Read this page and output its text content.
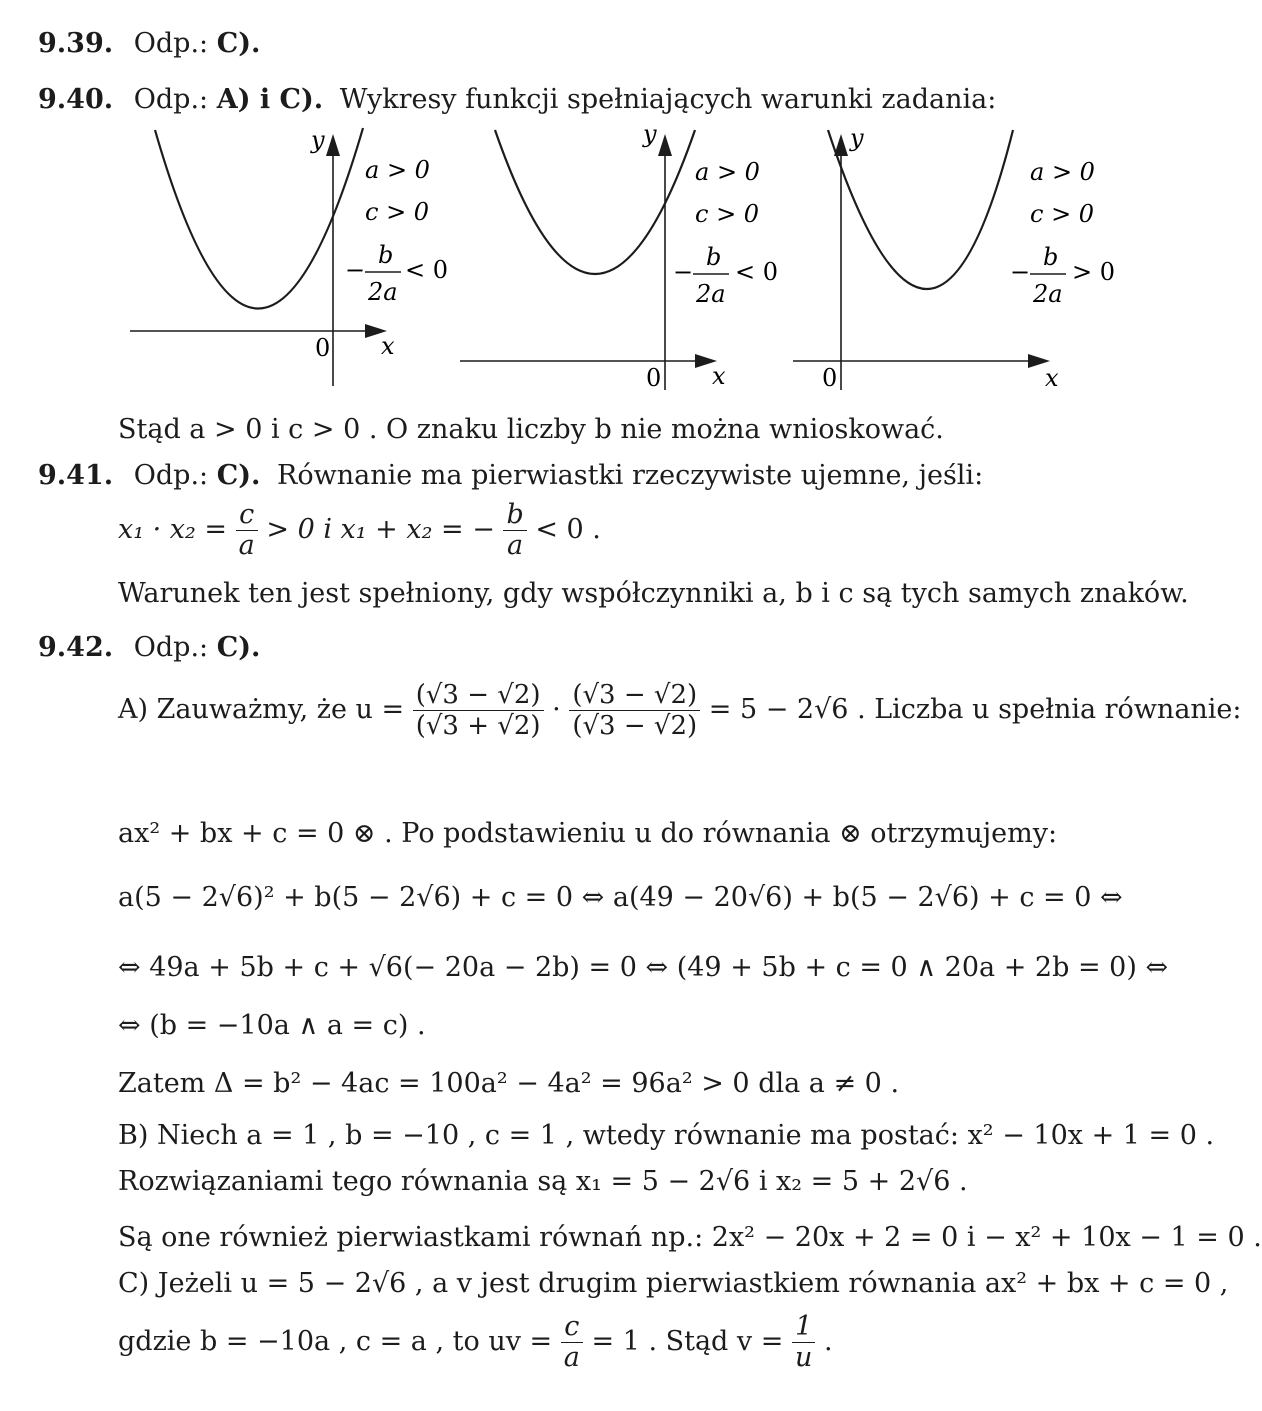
9.39. Odp.: C).
9.40. Odp.: A) i C). Wykresy funkcji spełniających warunki zadania:
y
x
0
a > 0
c > 0
−
b
2a
< 0
y
x
0
a > 0
c > 0
−
b
2a
< 0
y
x
0
a > 0
c > 0
−
b
2a
> 0
Stąd a > 0 i c > 0 . O znaku liczby b nie można wnioskować.
9.41. Odp.: C). Równanie ma pierwiastki rzeczywiste ujemne, jeśli:
$x_1 \cdot x_2 = \frac{c}{a} > 0$ i x₁ + x₂ = − $\frac{b}{a} < 0$ .
Warunek ten jest spełniony, gdy współczynniki a, b i c są tych samych znaków.
9.42. Odp.: C).
A) Zauważmy, że $u = \frac{(√3 - √2)}{(√3 + √2)} \cdot \frac{(√3 - √2)}{(√3 - √2)} = 5 - 2√6$ . Liczba u spełnia równanie:
ax² + bx + c = 0 ⊗ . Po podstawieniu u do równania ⊗ otrzymujemy:
a(5 − 2√6)² + b(5 − 2√6) + c = 0 ⇔ a(49 − 20√6) + b(5 − 2√6) + c = 0 ⇔
⇔ 49a + 5b + c + √6(− 20a − 2b) = 0 ⇔ (49 + 5b + c = 0 ∧ 20a + 2b = 0) ⇔
⇔ (b = −10a ∧ a = c) .
Zatem Δ = b² − 4ac = 100a² − 4a² = 96a² > 0 dla a ≠ 0 .
B) Niech a = 1 , b = −10 , c = 1 , wtedy równanie ma postać: x² − 10x + 1 = 0 .
Rozwiązaniami tego równania są x₁ = 5 − 2√6 i x₂ = 5 + 2√6 .
Są one również pierwiastkami równań np.: 2x² − 20x + 2 = 0 i − x² + 10x − 1 = 0 .
C) Jeżeli u = 5 − 2√6 , a v jest drugim pierwiastkiem równania ax² + bx + c = 0 ,
gdzie b = −10a , c = a , to uv = $\frac{c}{a} = 1$ . Stąd $v = \frac{1}{u}$ .
